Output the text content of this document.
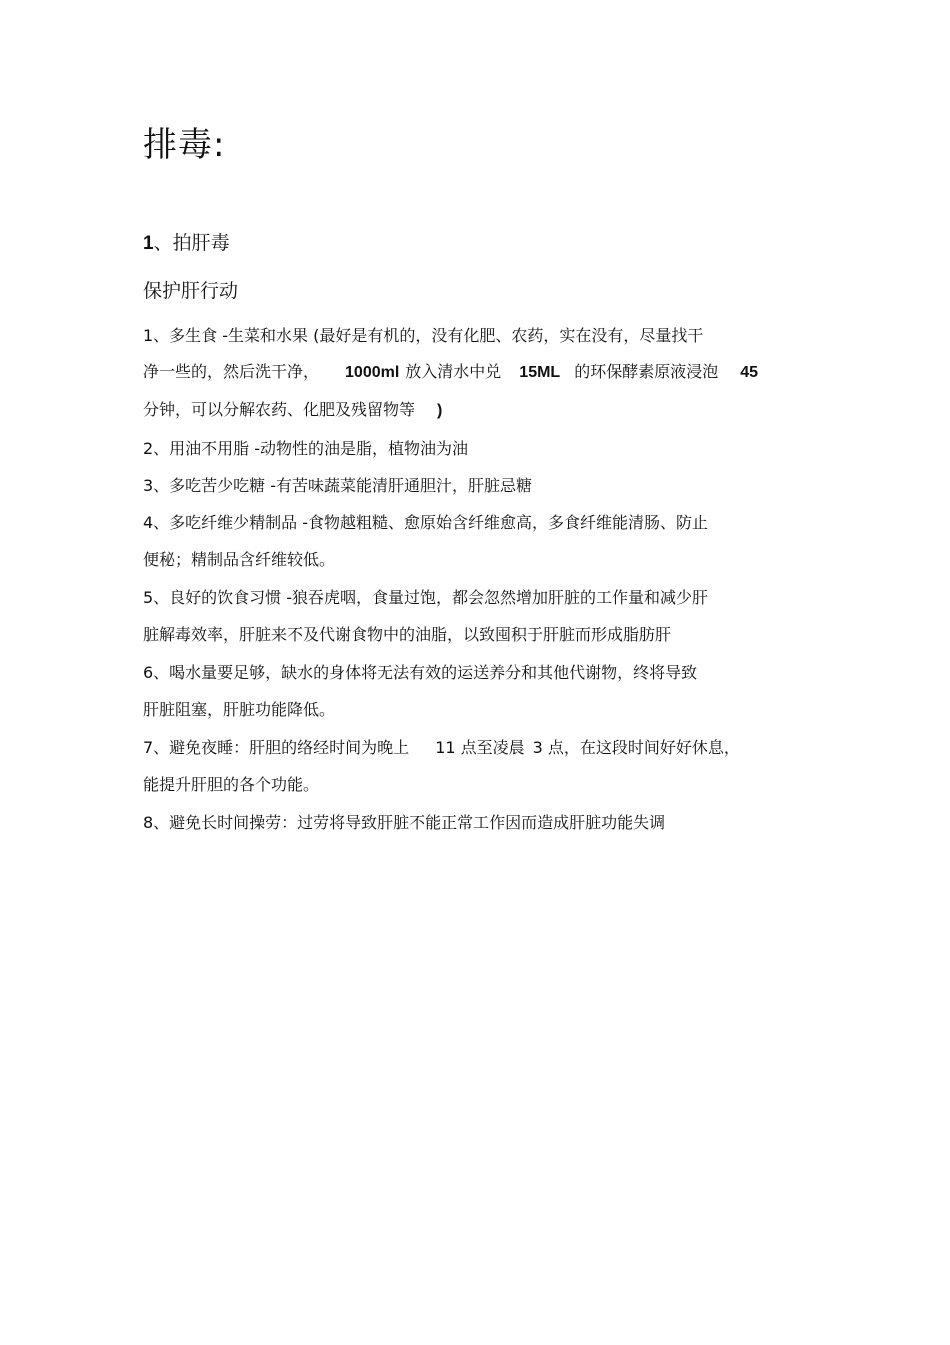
排毒:
1、拍肝毒
保护肝行动
1、多生食 -生菜和水果 (最好是有机的，没有化肥、农药，实在没有，尽量找干
净一些的，然后洗干净， 1000ml 放入清水中兑 15ML 的环保酵素原液浸泡 45
分钟，可以分解农药、化肥及残留物等 )
2、用油不用脂 -动物性的油是脂，植物油为油
3、多吃苦少吃糖 -有苦味蔬菜能清肝通胆汁，肝脏忌糖
4、多吃纤维少精制品 -食物越粗糙、愈原始含纤维愈高，多食纤维能清肠、防止
便秘；精制品含纤维较低。
5、良好的饮食习惯 -狼吞虎咽，食量过饱，都会忽然增加肝脏的工作量和减少肝
脏解毒效率，肝脏来不及代谢食物中的油脂，以致囤积于肝脏而形成脂肪肝
6、喝水量要足够，缺水的身体将无法有效的运送养分和其他代谢物，终将导致
肝脏阻塞，肝脏功能降低。
7、避免夜睡：肝胆的络经时间为晚上 11 点至凌晨 3 点，在这段时间好好休息，
能提升肝胆的各个功能。
8、避免长时间操劳：过劳将导致肝脏不能正常工作因而造成肝脏功能失调
